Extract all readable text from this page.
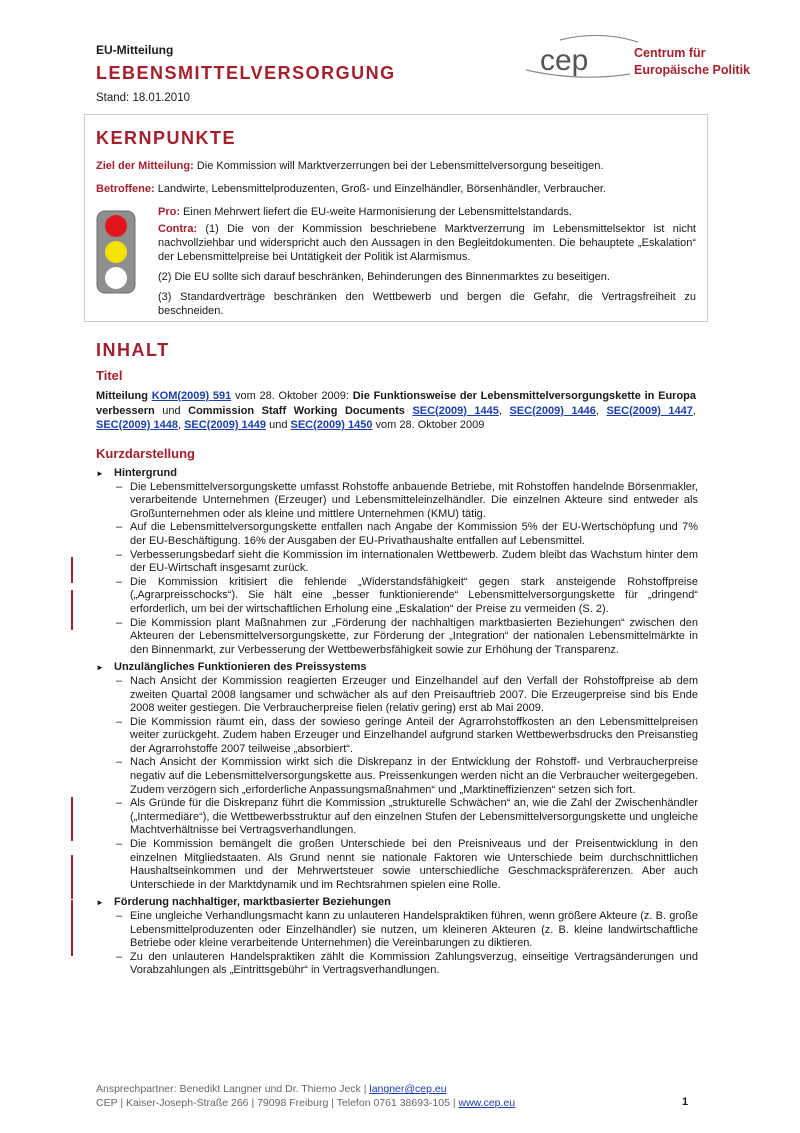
EU-Mitteilung
LEBENSMITTELVERSORGUNG
Stand: 18.01.2010
cep	Centrum für
Europäische Politik
KERNPUNKTE
Ziel der Mitteilung: Die Kommission will Marktverzerrungen bei der Lebensmittelversorgung beseitigen.
Betroffene: Landwirte, Lebensmittelproduzenten, Groß- und Einzelhändler, Börsenhändler, Verbraucher.
Pro: Einen Mehrwert liefert die EU-weite Harmonisierung der Lebensmittelstandards.
Contra: (1) Die von der Kommission beschriebene Marktverzerrung im Lebensmittelsektor ist nicht nachvollziehbar und widerspricht auch den Aussagen in den Begleitdokumenten. Die behauptete „Eskalation“ der Lebensmittelpreise bei Untätigkeit der Politik ist Alarmismus.
(2) Die EU sollte sich darauf beschränken, Behinderungen des Binnenmarktes zu beseitigen.
(3) Standardverträge beschränken den Wettbewerb und bergen die Gefahr, die Vertragsfreiheit zu beschneiden.
INHALT
Titel
Mitteilung KOM(2009) 591 vom 28. Oktober 2009: Die Funktionsweise der Lebensmittelversorgungskette in Europa verbessern und Commission Staff Working Documents SEC(2009) 1445, SEC(2009) 1446, SEC(2009) 1447, SEC(2009) 1448, SEC(2009) 1449 und SEC(2009) 1450 vom 28. Oktober 2009
Kurzdarstellung
► Hintergrund
– Die Lebensmittelversorgungskette umfasst Rohstoffe anbauende Betriebe, mit Rohstoffen handelnde Börsenmakler, verarbeitende Unternehmen (Erzeuger) und Lebensmitteleinzelhändler. Die einzelnen Akteure sind entweder als Großunternehmen oder als kleine und mittlere Unternehmen (KMU) tätig.
– Auf die Lebensmittelversorgungskette entfallen nach Angabe der Kommission 5% der EU-Wertschöpfung und 7% der EU-Beschäftigung. 16% der Ausgaben der EU-Privathaushalte entfallen auf Lebensmittel.
– Verbesserungsbedarf sieht die Kommission im internationalen Wettbewerb. Zudem bleibt das Wachstum hinter dem der EU-Wirtschaft insgesamt zurück.
– Die Kommission kritisiert die fehlende „Widerstandsfähigkeit“ gegen stark ansteigende Rohstoffpreise („Agrarpreisschocks“). Sie hält eine „besser funktionierende“ Lebensmittelversorgungskette für „dringend“ erforderlich, um bei der wirtschaftlichen Erholung eine „Eskalation“ der Preise zu vermeiden (S. 2).
– Die Kommission plant Maßnahmen zur „Förderung der nachhaltigen marktbasierten Beziehungen“ zwischen den Akteuren der Lebensmittelversorgungskette, zur Förderung der „Integration“ der nationalen Lebensmittelmärkte in den Binnenmarkt, zur Verbesserung der Wettbewerbsfähigkeit sowie zur Erhöhung der Transparenz.
► Unzulängliches Funktionieren des Preissystems
– Nach Ansicht der Kommission reagierten Erzeuger und Einzelhandel auf den Verfall der Rohstoffpreise ab dem zweiten Quartal 2008 langsamer und schwächer als auf den Preisauftrieb 2007. Die Erzeugerpreise sind bis Ende 2008 weiter gestiegen. Die Verbraucherpreise fielen (relativ gering) erst ab Mai 2009.
– Die Kommission räumt ein, dass der sowieso geringe Anteil der Agrarrohstoffkosten an den Lebensmittelpreisen weiter zurückgeht. Zudem haben Erzeuger und Einzelhandel aufgrund starken Wettbewerbsdrucks den Preisanstieg der Agrarrohstoffe 2007 teilweise „absorbiert“.
– Nach Ansicht der Kommission wirkt sich die Diskrepanz in der Entwicklung der Rohstoff- und Verbraucherpreise negativ auf die Lebensmittelversorgungskette aus. Preissenkungen werden nicht an die Verbraucher weitergegeben. Zudem verzögern sich „erforderliche Anpassungsmaßnahmen“ und „Marktineffizienzen“ setzen sich fort.
– Als Gründe für die Diskrepanz führt die Kommission „strukturelle Schwächen“ an, wie die Zahl der Zwischenhändler („Intermediäre“), die Wettbewerbsstruktur auf den einzelnen Stufen der Lebensmittelversorgungskette und ungleiche Machtverhältnisse bei Vertragsverhandlungen.
– Die Kommission bemängelt die großen Unterschiede bei den Preisniveaus und der Preisentwicklung in den einzelnen Mitgliedstaaten. Als Grund nennt sie nationale Faktoren wie Unterschiede beim durchschnittlichen Haushaltseinkommen und der Mehrwertsteuer sowie unterschiedliche Geschmackspräferenzen. Aber auch Unterschiede in der Marktdynamik und im Rechtsrahmen spielen eine Rolle.
► Förderung nachhaltiger, marktbasierter Beziehungen
– Eine ungleiche Verhandlungsmacht kann zu unlauteren Handelspraktiken führen, wenn größere Akteure (z. B. große Lebensmittelproduzenten oder Einzelhändler) sie nutzen, um kleineren Akteuren (z. B. kleine landwirtschaftliche Betriebe oder kleine verarbeitende Unternehmen) die Vereinbarungen zu diktieren.
– Zu den unlauteren Handelspraktiken zählt die Kommission Zahlungsverzug, einseitige Vertragsänderungen und Vorabzahlungen als „Eintrittsgebühr“ in Vertragsverhandlungen.
Ansprechpartner: Benedikt Langner und Dr. Thiemo Jeck | langner@cep.eu
CEP | Kaiser-Joseph-Straße 266 | 79098 Freiburg | Telefon 0761 38693-105 | www.cep.eu	1
